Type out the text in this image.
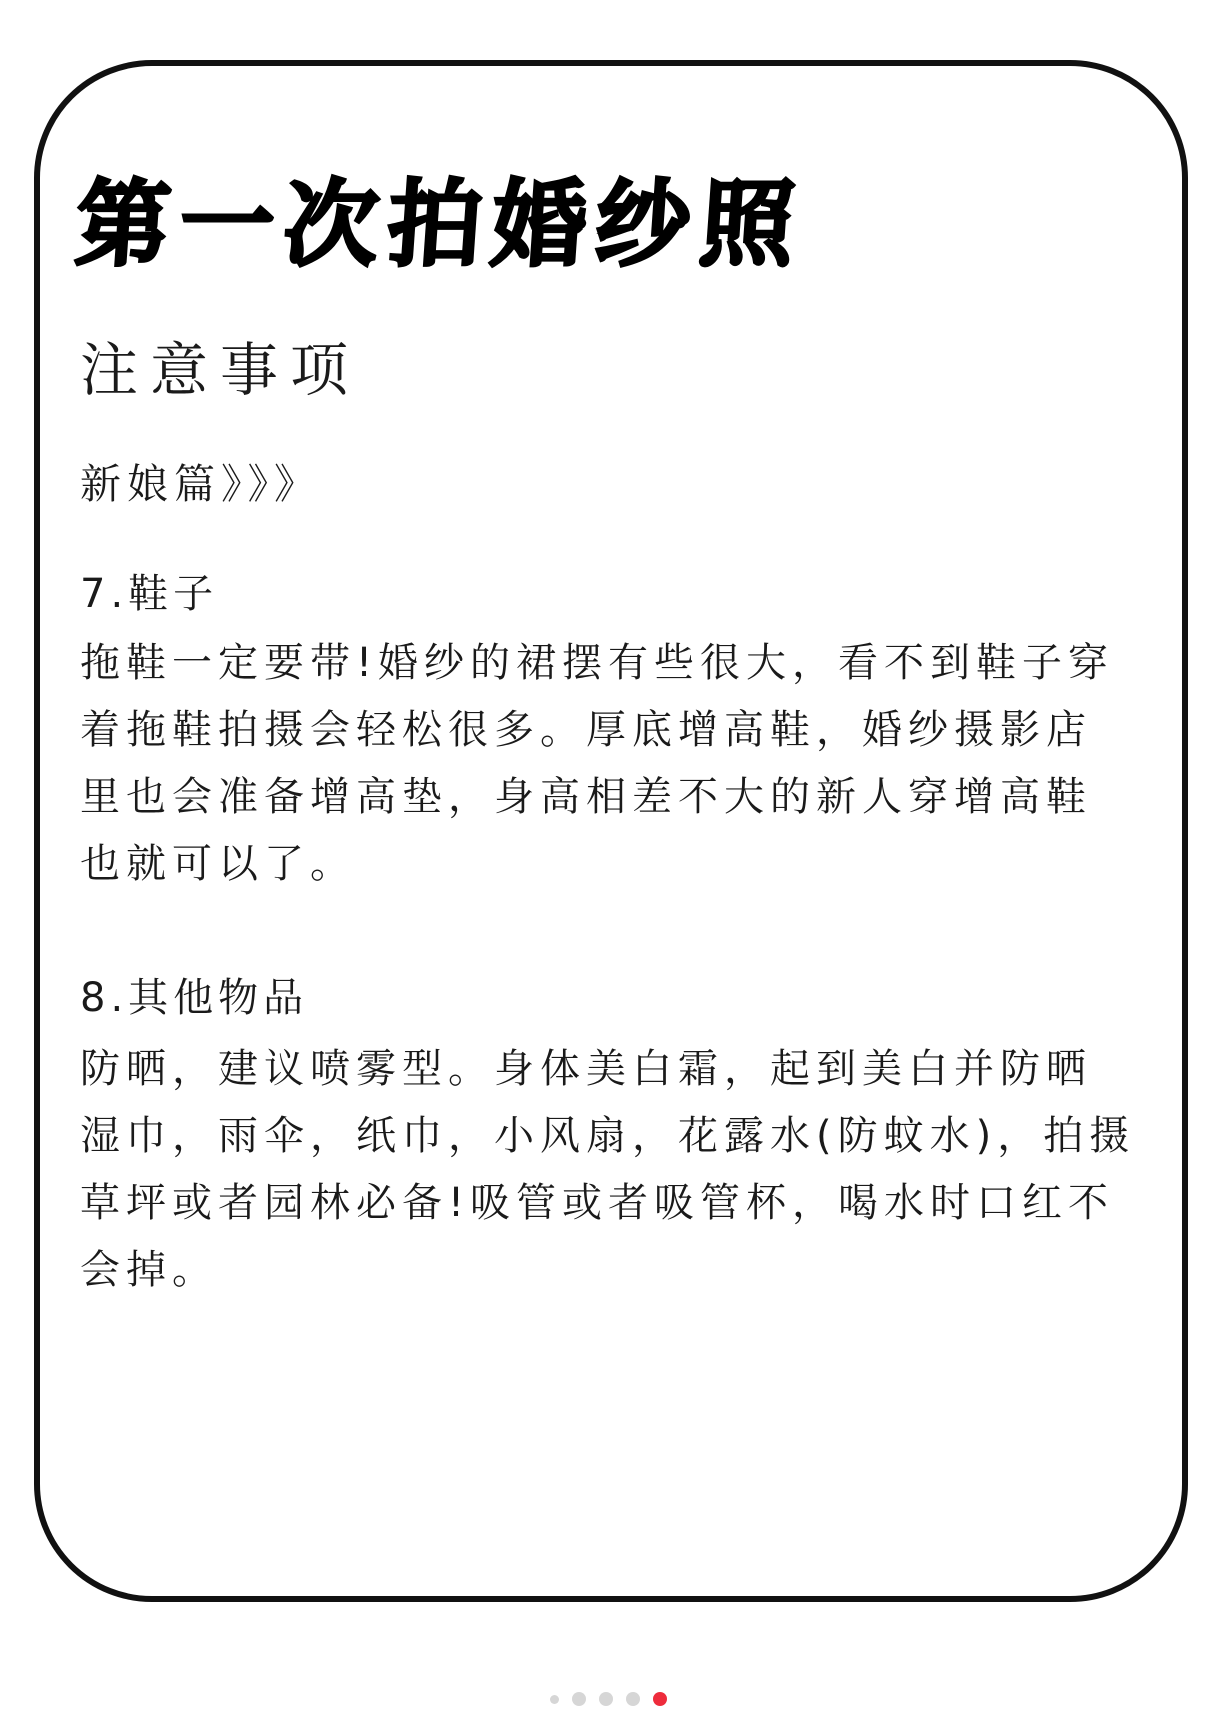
第一次拍婚纱照
注意事项
新娘篇》》》
7.鞋子
拖鞋一定要带!婚纱的裙摆有些很大，看不到鞋子穿
着拖鞋拍摄会轻松很多。厚底增高鞋，婚纱摄影店
里也会准备增高垫，身高相差不大的新人穿增高鞋
也就可以了。
8.其他物品
防晒，建议喷雾型。身体美白霜，起到美白并防晒
湿巾，雨伞，纸巾，小风扇，花露水(防蚊水)，拍摄
草坪或者园林必备!吸管或者吸管杯，喝水时口红不
会掉。
